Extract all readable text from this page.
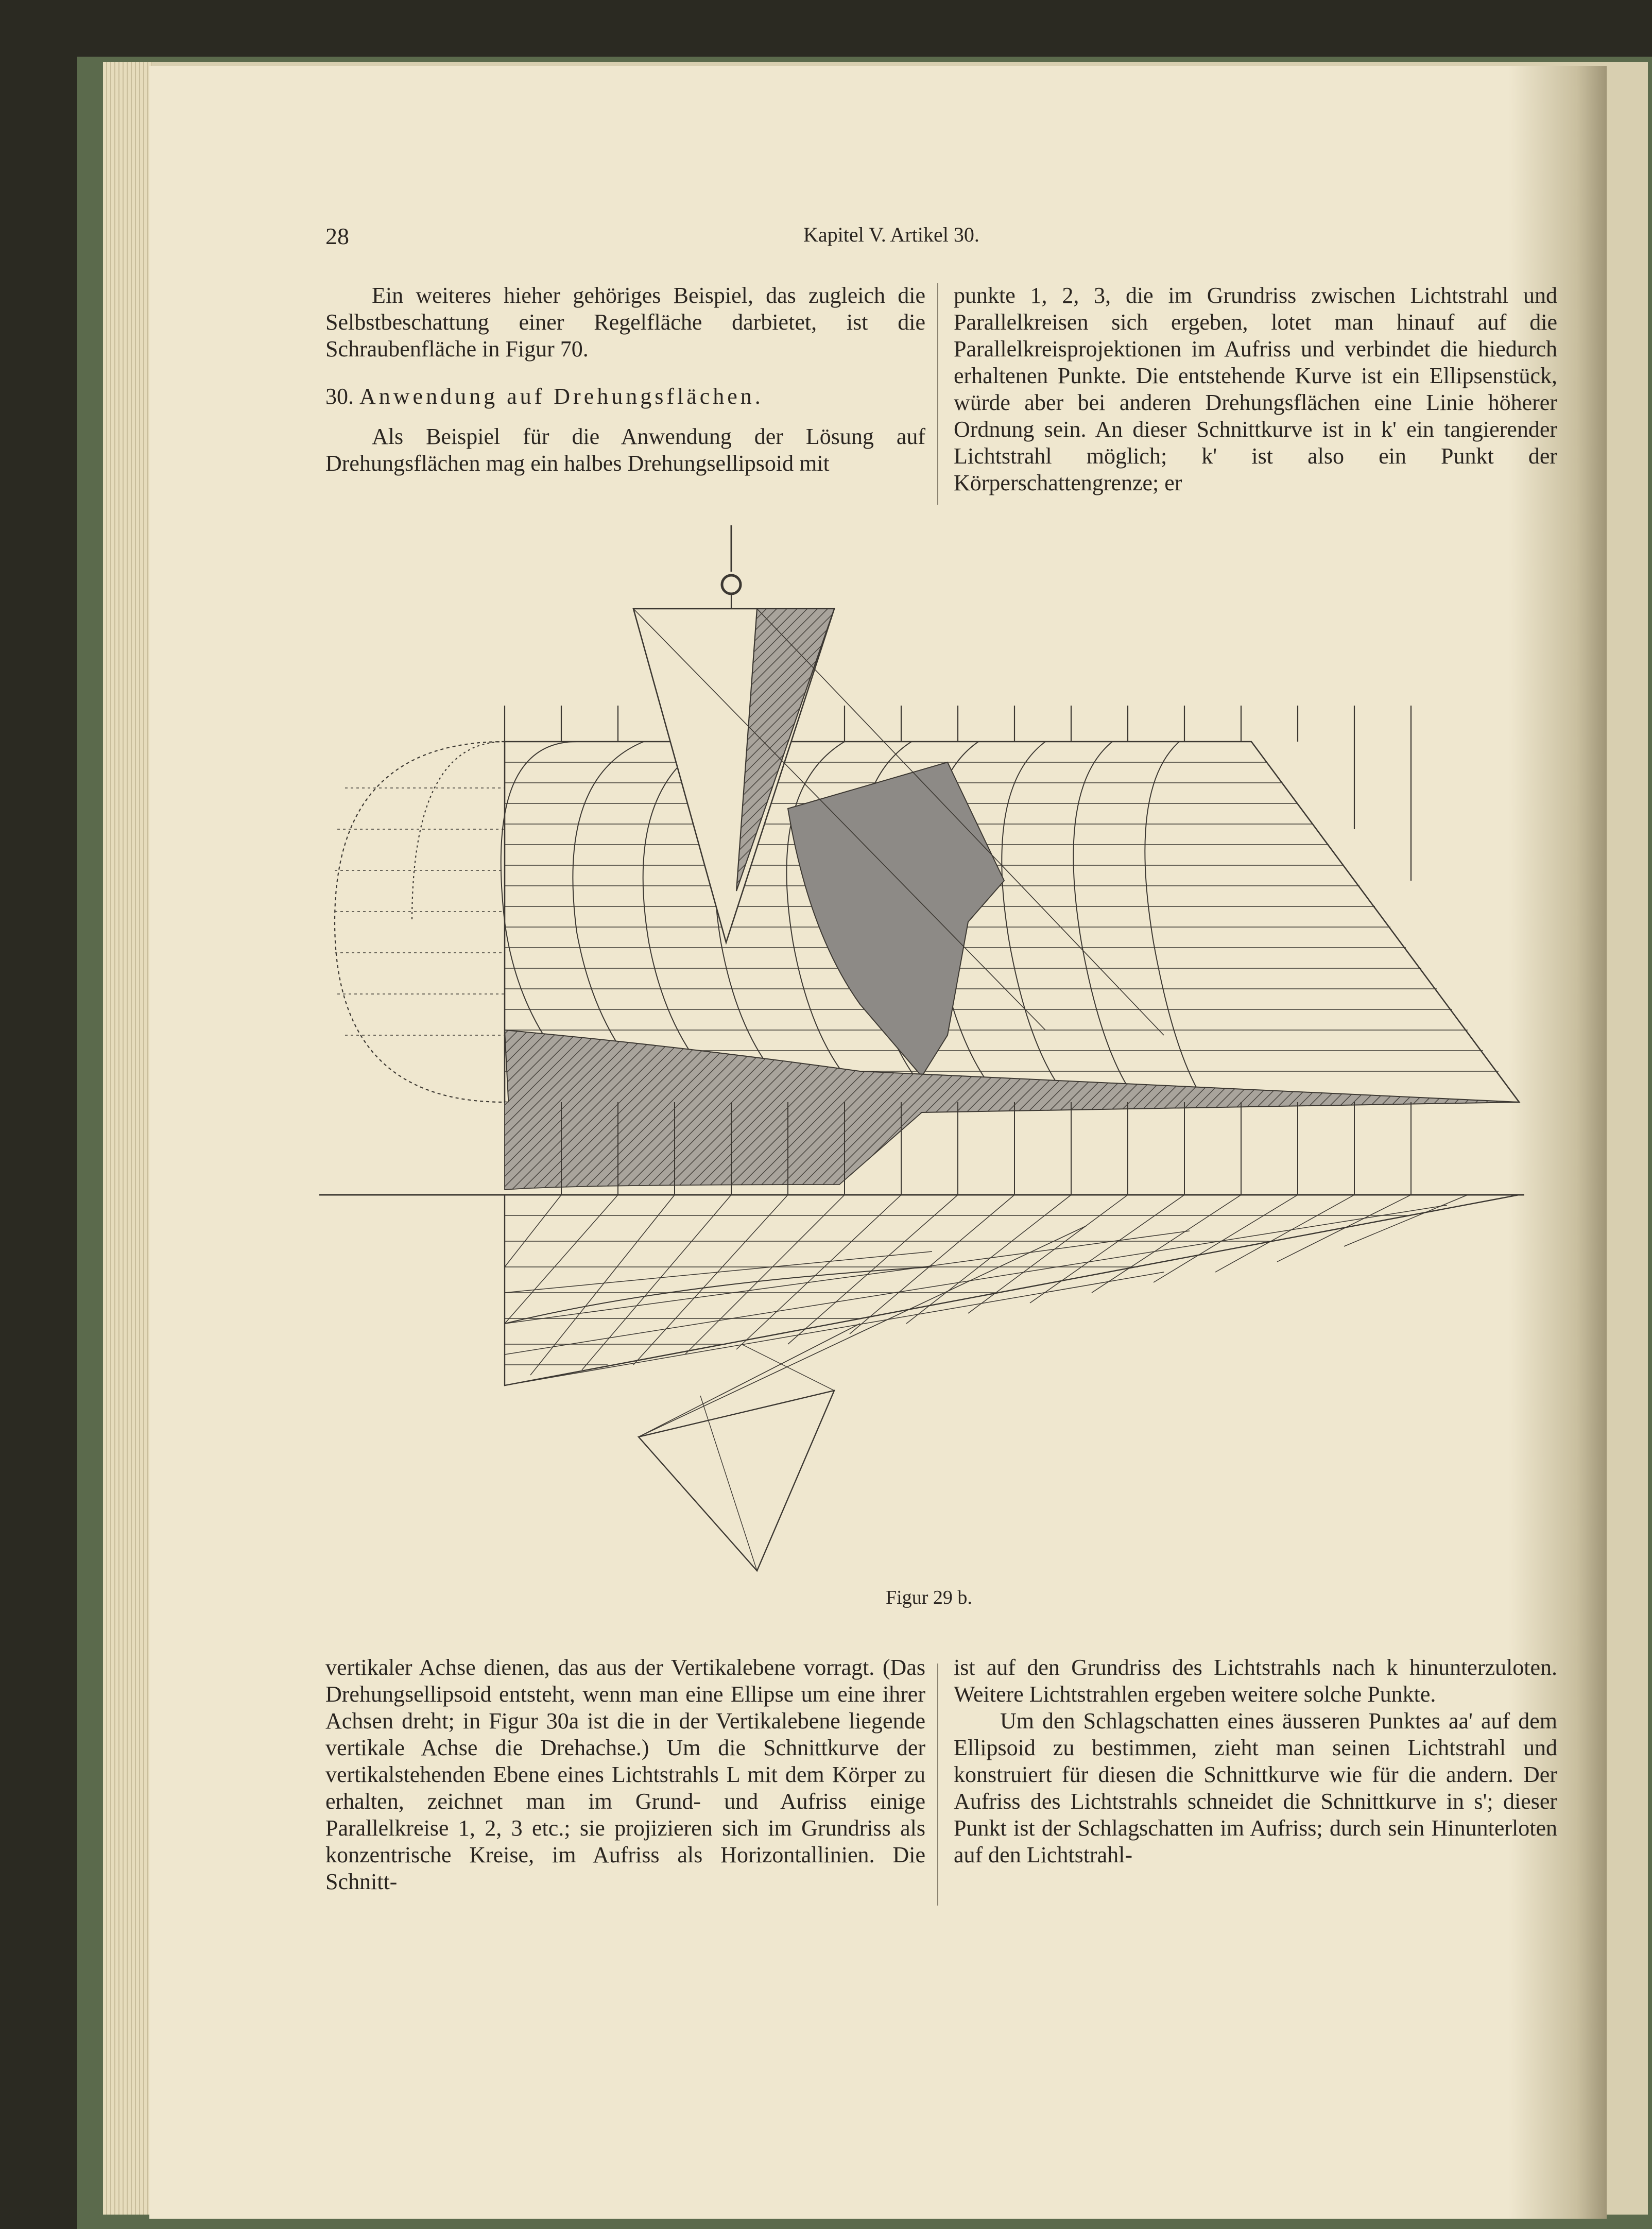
28	Kapitel V. Artikel 30.

Ein weiteres hieher gehöriges Beispiel, das zugleich die Selbstbeschattung einer Regelfläche darbietet, ist die Schraubenfläche in Figur 70.

30. Anwendung auf Drehungsflächen.

Als Beispiel für die Anwendung der Lösung auf Drehungsflächen mag ein halbes Drehungsellipsoid mit

punkte 1, 2, 3, die im Grundriss zwischen Lichtstrahl und Parallelkreisen sich ergeben, lotet man hinauf auf die Parallelkreisprojektionen im Aufriss und verbindet die hiedurch erhaltenen Punkte. Die entstehende Kurve ist ein Ellipsenstück, würde aber bei anderen Drehungsflächen eine Linie höherer Ordnung sein. An dieser Schnittkurve ist in k' ein tangierender Lichtstrahl möglich; k' ist also ein Punkt der Körperschattengrenze; er

Figur 29 b.

vertikaler Achse dienen, das aus der Vertikalebene vorragt. (Das Drehungsellipsoid entsteht, wenn man eine Ellipse um eine ihrer Achsen dreht; in Figur 30a ist die in der Vertikalebene liegende vertikale Achse die Drehachse.) Um die Schnittkurve der vertikalstehenden Ebene eines Lichtstrahls L mit dem Körper zu erhalten, zeichnet man im Grund- und Aufriss einige Parallelkreise 1, 2, 3 etc.; sie projizieren sich im Grundriss als konzentrische Kreise, im Aufriss als Horizontallinien. Die Schnitt-

ist auf den Grundriss des Lichtstrahls nach k hinunterzuloten. Weitere Lichtstrahlen ergeben weitere solche Punkte.

Um den Schlagschatten eines äusseren Punktes aa' auf dem Ellipsoid zu bestimmen, zieht man seinen Lichtstrahl und konstruiert für diesen die Schnittkurve wie für die andern. Der Aufriss des Lichtstrahls schneidet die Schnittkurve in s'; dieser Punkt ist der Schlagschatten im Aufriss; durch sein Hinunterloten auf den Lichtstrahl-
